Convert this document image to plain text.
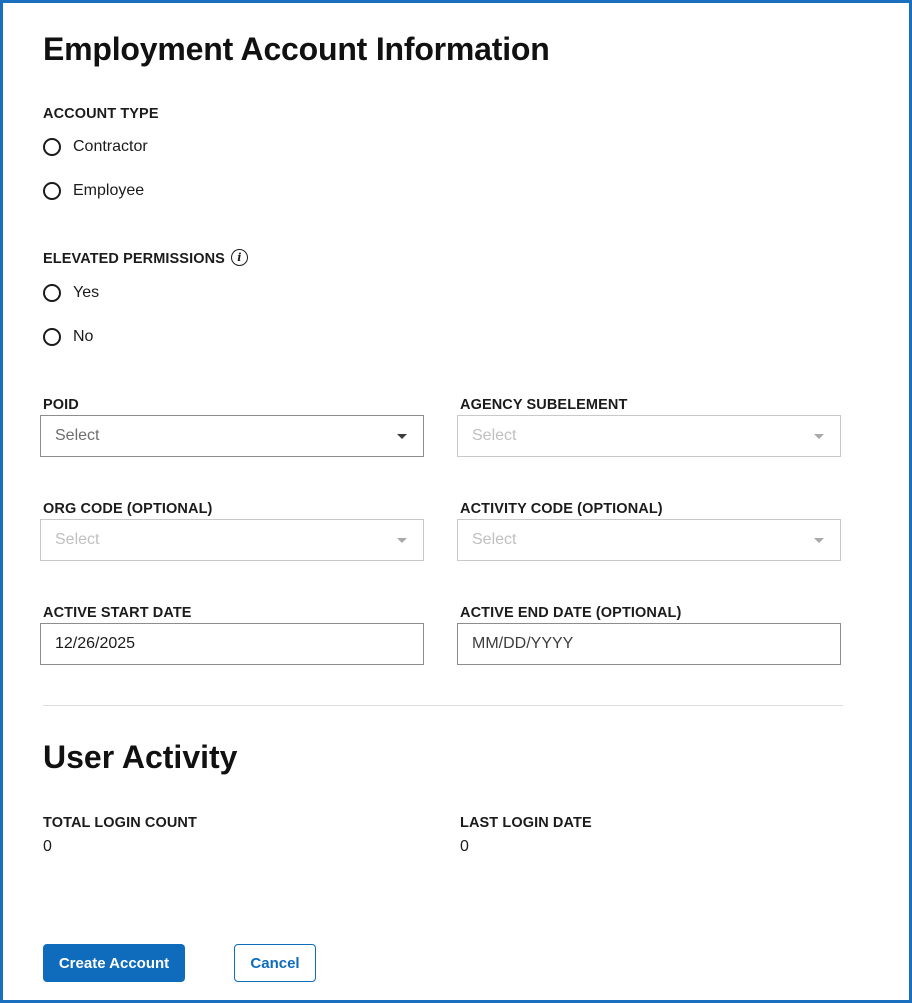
Employment Account Information
ACCOUNT TYPE
Contractor
Employee
ELEVATED PERMISSIONS	i
Yes
No
POID
Select
AGENCY SUBELEMENT
Select
ORG CODE (OPTIONAL)
Select
ACTIVITY CODE (OPTIONAL)
Select
ACTIVE START DATE
12/26/2025
ACTIVE END DATE (OPTIONAL)
MM/DD/YYYY
User Activity
TOTAL LOGIN COUNT
0
LAST LOGIN DATE
0
Create Account	Cancel
